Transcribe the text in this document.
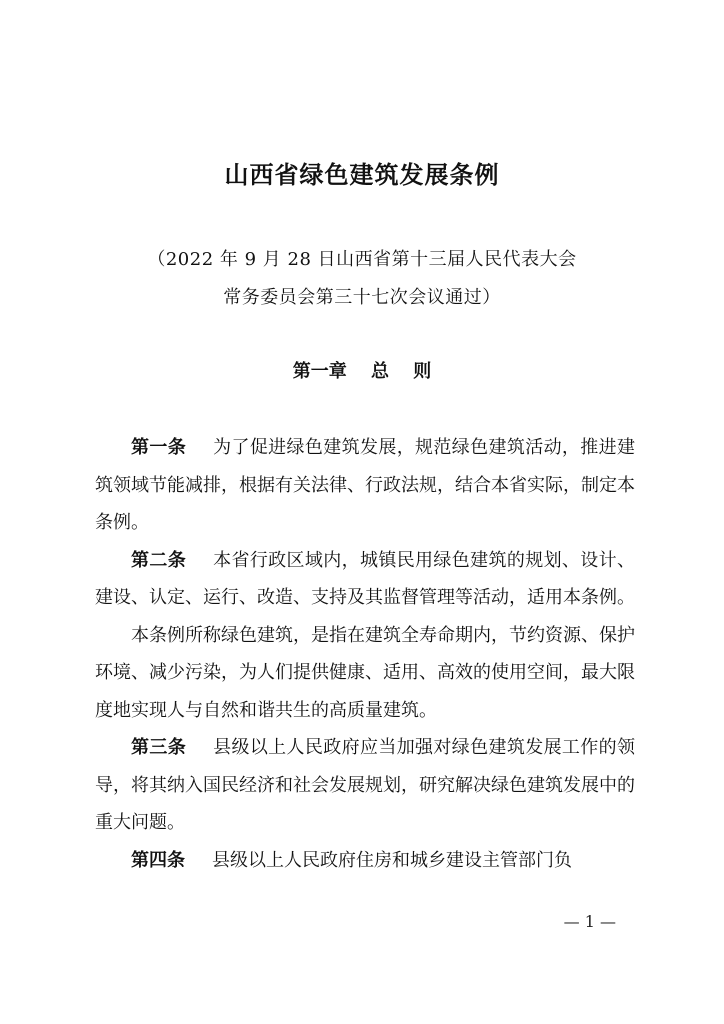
山西省绿色建筑发展条例
（2022 年 9 月 28 日山西省第十三届人民代表大会
常务委员会第三十七次会议通过）
第一章　 总　 则

第一条 为了促进绿色建筑发展，规范绿色建筑活动，推进建筑领域节能减排，根据有关法律、行政法规，结合本省实际，制定本条例。

第二条 本省行政区域内，城镇民用绿色建筑的规划、设计、建设、认定、运行、改造、支持及其监督管理等活动，适用本条例。

本条例所称绿色建筑，是指在建筑全寿命期内，节约资源、保护环境、减少污染，为人们提供健康、适用、高效的使用空间，最大限度地实现人与自然和谐共生的高质量建筑。

第三条 县级以上人民政府应当加强对绿色建筑发展工作的领导，将其纳入国民经济和社会发展规划，研究解决绿色建筑发展中的重大问题。

第四条 县级以上人民政府住房和城乡建设主管部门负

— 1 —
